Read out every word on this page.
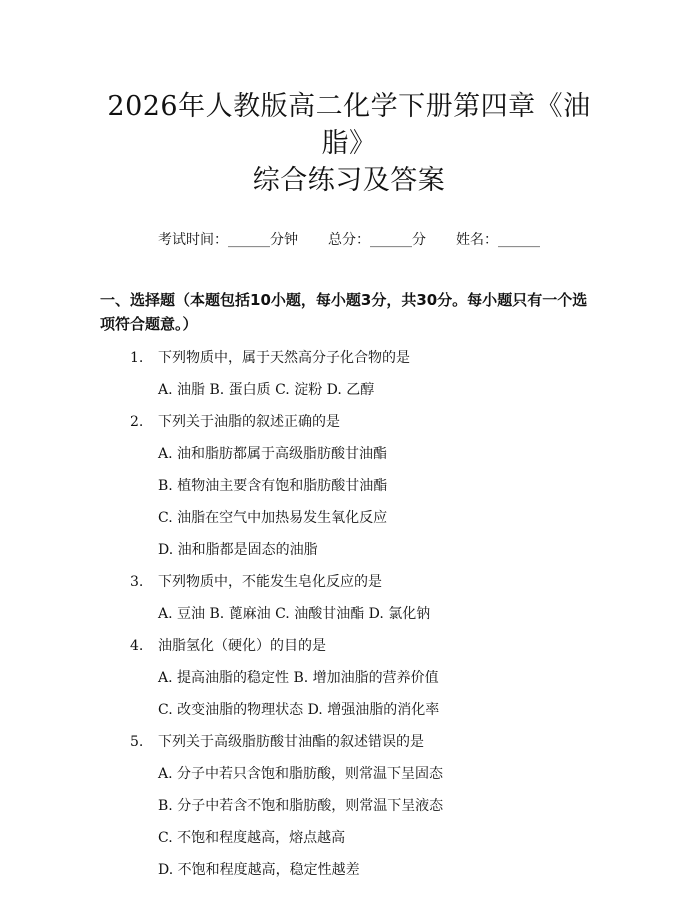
2026年人教版高二化学下册第四章《油脂》
综合练习及答案
考试时间：______分钟 总分：______分 姓名：______
一、选择题（本题包括10小题，每小题3分，共30分。每小题只有一个选项符合题意。）
1. 下列物质中，属于天然高分子化合物的是
A. 油脂 B. 蛋白质 C. 淀粉 D. 乙醇
2. 下列关于油脂的叙述正确的是
A. 油和脂肪都属于高级脂肪酸甘油酯
B. 植物油主要含有饱和脂肪酸甘油酯
C. 油脂在空气中加热易发生氧化反应
D. 油和脂都是固态的油脂
3. 下列物质中，不能发生皂化反应的是
A. 豆油 B. 蓖麻油 C. 油酸甘油酯 D. 氯化钠
4. 油脂氢化（硬化）的目的是
A. 提高油脂的稳定性 B. 增加油脂的营养价值
C. 改变油脂的物理状态 D. 增强油脂的消化率
5. 下列关于高级脂肪酸甘油酯的叙述错误的是
A. 分子中若只含饱和脂肪酸，则常温下呈固态
B. 分子中若含不饱和脂肪酸，则常温下呈液态
C. 不饱和程度越高，熔点越高
D. 不饱和程度越高，稳定性越差
